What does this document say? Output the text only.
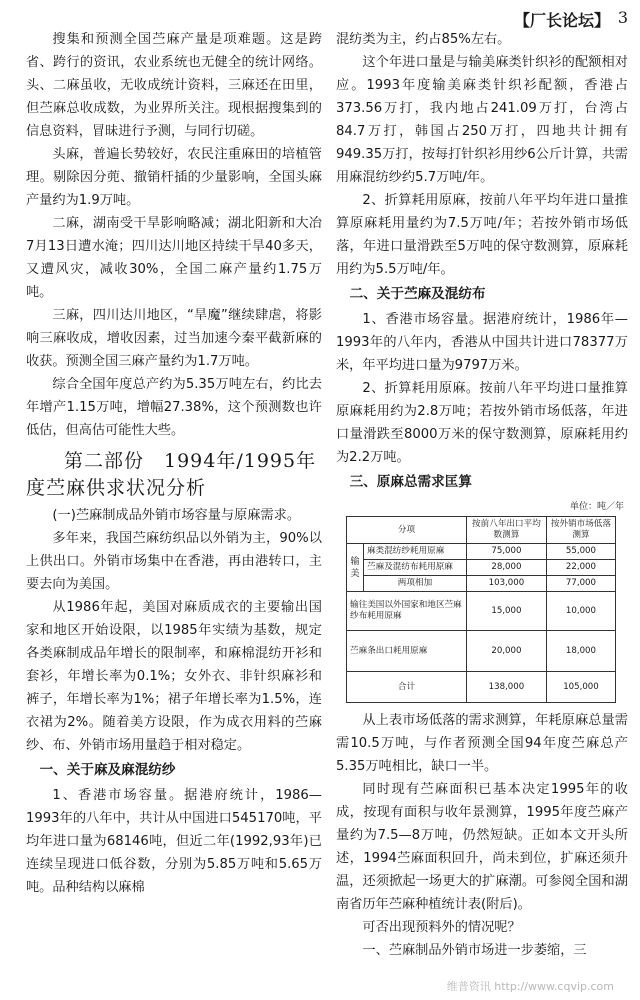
【厂长论坛】 3

搜集和预测全国苎麻产量是项难题。这是跨省、跨行的资讯，农业系统也无健全的统计网络。头、二麻虽收，无收成统计资料，三麻还在田里，但苎麻总收成数，为业界所关注。现根据搜集到的信息资料，冒昧进行予测，与同行切磋。

头麻，普遍长势较好，农民注重麻田的培植管理。剔除因分蔸、撤销杆插的少量影响，全国头麻产量约为1.9万吨。

二麻，湖南受干旱影响略减；湖北阳新和大冶7月13日遭水淹；四川达川地区持续干旱40多天，又遭风灾，减收30%，全国二麻产量约1.75万吨。

三麻，四川达川地区，“旱魔”继续肆虐，将影响三麻收成，增收因素，过当加速今秦平截新麻的收获。预测全国三麻产量约为1.7万吨。

综合全国年度总产约为5.35万吨左右，约比去年增产1.15万吨，增幅27.38%，这个预测数也许低估，但高估可能性大些。

第二部份　1994年/1995年
度苎麻供求状况分析

(一)苎麻制成品外销市场容量与原麻需求。

多年来，我国苎麻纺织品以外销为主，90%以上供出口。外销市场集中在香港，再由港转口，主要去向为美国。

从1986年起，美国对麻质成衣的主要输出国家和地区开始设限，以1985年实绩为基数，规定各类麻制成品年增长的限制率，和麻棉混纺开衫和套衫，年增长率为0.1%；女外衣、非针织麻衫和裤子，年增长率为1%；裙子年增长率为1.5%，连衣裙为2%。随着美方设限，作为成衣用料的苎麻纱、布、外销市场用量趋于相对稳定。

一、关于麻及麻混纺纱

1、香港市场容量。据港府统计，1986—1993年的八年中，共计从中国进口545170吨，平均年进口量为68146吨，但近二年(1992,93年)已连续呈现进口低谷数，分别为5.85万吨和5.65万吨。品种结构以麻棉

混纺类为主，约占85%左右。

这个年进口量是与输美麻类针织衫的配额相对应。1993年度输美麻类针织衫配额，香港占373.56万打，我内地占241.09万打，台湾占84.7万打，韩国占250万打，四地共计拥有949.35万打，按每打针织衫用纱6公斤计算，共需用麻混纺纱约5.7万吨/年。

2、折算耗用原麻，按前八年平均年进口量推算原麻耗用量约为7.5万吨/年；若按外销市场低落，年进口量滑跌至5万吨的保守数测算，原麻耗用约为5.5万吨/年。

二、关于苎麻及混纺布

1、香港市场容量。据港府统计，1986年—1993年的八年内，香港从中国共计进口78377万米，年平均进口量为9797万米。

2、折算耗用原麻。按前八年平均进口量推算原麻耗用约为2.8万吨；若按外销市场低落，年进口量滑跌至8000万米的保守数测算，原麻耗用约为2.2万吨。

三、原麻总需求匡算
单位：吨／年
分项		按前八年出口平均数测算	按外销市场低落测算
输美	麻类混纺纱耗用原麻	75,000	55,000
	苎麻及混纺布耗用原麻	28,000	22,000
	两项相加	103,000	77,000
输往美国以外国家和地区苎麻纱布耗用原麻		15,000	10,000
苎麻条出口耗用原麻		20,000	18,000
合计		138,000	105,000

从上表市场低落的需求测算，年耗原麻总量需需10.5万吨，与作者预测全国94年度苎麻总产5.35万吨相比，缺口一半。

同时现有苎麻面积已基本决定1995年的收成，按现有面积与收年景测算，1995年度苎麻产量约为7.5—8万吨，仍然短缺。正如本文开头所述，1994苎麻面积回升，尚未到位，扩麻还须升温，还须掀起一场更大的扩麻潮。可参阅全国和湖南省历年苎麻种植统计表(附后)。

可否出现预料外的情况呢？

一、苎麻制品外销市场进一步萎缩，三

维普资讯 http://www.cqvip.com
